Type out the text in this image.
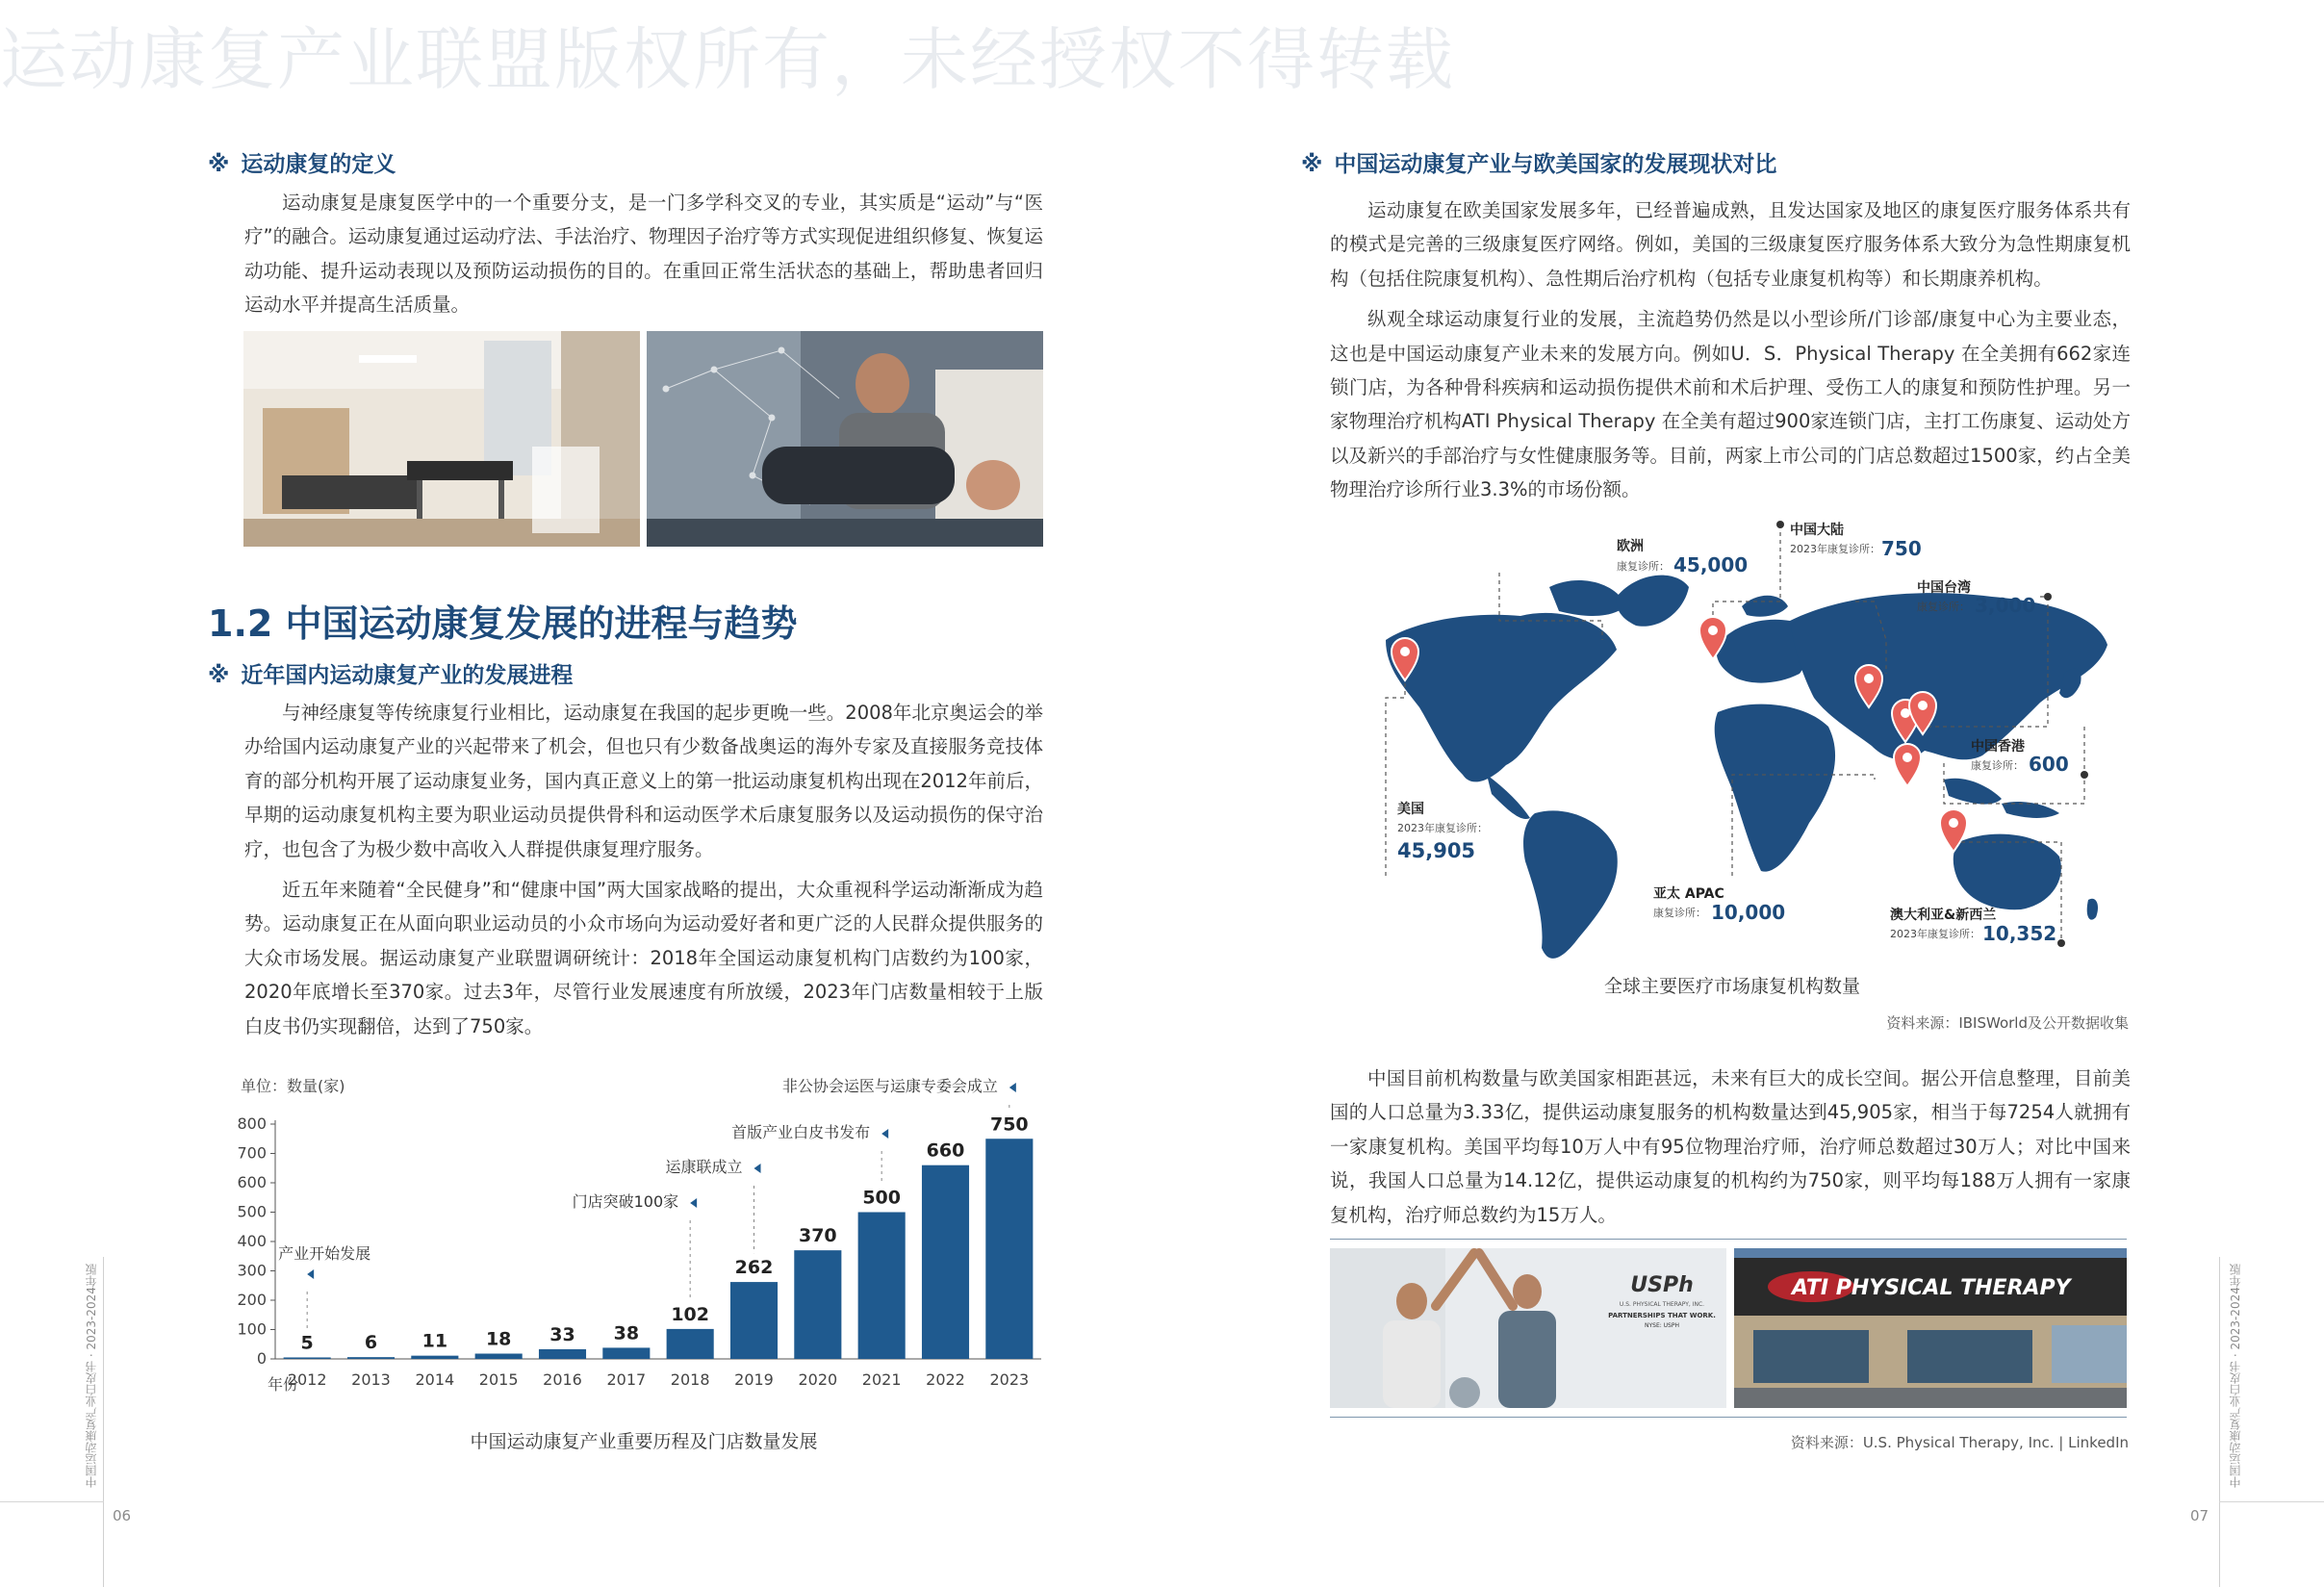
运动康复产业联盟版权所有，未经授权不得转载
※ 运动康复的定义

运动康复是康复医学中的一个重要分支，是一门多学科交叉的专业，其实质是“运动”与“医疗”的融合。运动康复通过运动疗法、手法治疗、物理因子治疗等方式实现促进组织修复、恢复运动功能、提升运动表现以及预防运动损伤的目的。在重回正常生活状态的基础上，帮助患者回归运动水平并提高生活质量。

1.2 中国运动康复发展的进程与趋势
※ 近年国内运动康复产业的发展进程

与神经康复等传统康复行业相比，运动康复在我国的起步更晚一些。2008年北京奥运会的举办给国内运动康复产业的兴起带来了机会，但也只有少数备战奥运的海外专家及直接服务竞技体育的部分机构开展了运动康复业务，国内真正意义上的第一批运动康复机构出现在2012年前后，早期的运动康复机构主要为职业运动员提供骨科和运动医学术后康复服务以及运动损伤的保守治疗，也包含了为极少数中高收入人群提供康复理疗服务。

近五年来随着“全民健身”和“健康中国”两大国家战略的提出，大众重视科学运动渐渐成为趋势。运动康复正在从面向职业运动员的小众市场向为运动爱好者和更广泛的人民群众提供服务的大众市场发展。据运动康复产业联盟调研统计：2018年全国运动康复机构门店数约为100家，2020年底增长至370家。过去3年，尽管行业发展速度有所放缓，2023年门店数量相较于上版白皮书仍实现翻倍，达到了750家。

单位：数量(家)
年份
0
100
200
300
400
500
600
700
800
5
2012
6
2013
11
2014
18
2015
33
2016
38
2017
102
2018
262
2019
370
2020
500
2021
660
2022
750
2023
产业开始发展
门店突破100家
运康联成立
首版产业白皮书发布
非公协会运医与运康专委会成立
中国运动康复产业重要历程及门店数量发展
中国运动康复产业白皮书 · 2023-2024年版
06
※ 中国运动康复产业与欧美国家的发展现状对比

运动康复在欧美国家发展多年，已经普遍成熟，且发达国家及地区的康复医疗服务体系共有的模式是完善的三级康复医疗网络。例如，美国的三级康复医疗服务体系大致分为急性期康复机构（包括住院康复机构）、急性期后治疗机构（包括专业康复机构等）和长期康养机构。

纵观全球运动康复行业的发展，主流趋势仍然是以小型诊所/门诊部/康复中心为主要业态，这也是中国运动康复产业未来的发展方向。例如U．S．Physical Therapy 在全美拥有662家连锁门店，为各种骨科疾病和运动损伤提供术前和术后护理、受伤工人的康复和预防性护理。另一家物理治疗机构ATI Physical Therapy 在全美有超过900家连锁门店，主打工伤康复、运动处方以及新兴的手部治疗与女性健康服务等。目前，两家上市公司的门店总数超过1500家，约占全美物理治疗诊所行业3.3%的市场份额。

欧洲
康复诊所： 45,000
中国大陆
2023年康复诊所： 750
中国台湾
康复诊所： 3,000
中国香港
康复诊所： 600
美国
2023年康复诊所：
45,905
亚太 APAC
康复诊所： 10,000	澳大利亚&新西兰
2023年康复诊所： 10,352
全球主要医疗市场康复机构数量
资料来源：IBISWorld及公开数据收集

中国目前机构数量与欧美国家相距甚远，未来有巨大的成长空间。据公开信息整理，目前美国的人口总量为3.33亿，提供运动康复服务的机构数量达到45,905家，相当于每7254人就拥有一家康复机构。美国平均每10万人中有95位物理治疗师，治疗师总数超过30万人；对比中国来说，我国人口总量为14.12亿，提供运动康复的机构约为750家，则平均每188万人拥有一家康复机构，治疗师总数约为15万人。

USPh
U.S. PHYSICAL THERAPY, INC.
PARTNERSHIPS THAT WORK.
NYSE: USPH
ATI PHYSICAL THERAPY
资料来源：U.S. Physical Therapy, Inc. | LinkedIn	中国运动康复产业白皮书 · 2023-2024年版
07
